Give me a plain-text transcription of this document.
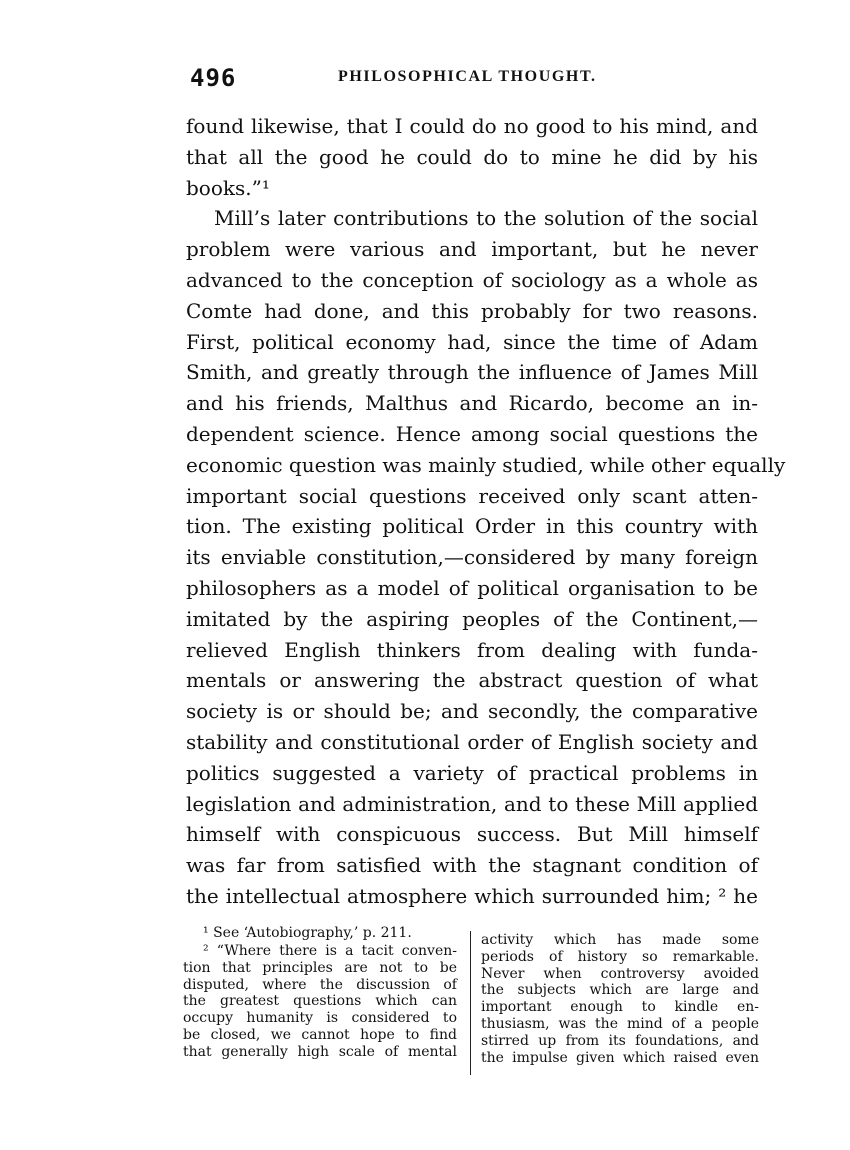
496	PHILOSOPHICAL THOUGHT.
found likewise, that I could do no good to his mind, and
that all the good he could do to mine he did by his
books.”¹
Mill’s later contributions to the solution of the social
problem were various and important, but he never
advanced to the conception of sociology as a whole as
Comte had done, and this probably for two reasons.
First, political economy had, since the time of Adam
Smith, and greatly through the influence of James Mill
and his friends, Malthus and Ricardo, become an in-
dependent science. Hence among social questions the
economic question was mainly studied, while other equally
important social questions received only scant atten-
tion. The existing political Order in this country with
its enviable constitution,—considered by many foreign
philosophers as a model of political organisation to be
imitated by the aspiring peoples of the Continent,—
relieved English thinkers from dealing with funda-
mentals or answering the abstract question of what
society is or should be; and secondly, the comparative
stability and constitutional order of English society and
politics suggested a variety of practical problems in
legislation and administration, and to these Mill applied
himself with conspicuous success. But Mill himself
was far from satisfied with the stagnant condition of
the intellectual atmosphere which surrounded him; ² he
¹ See ‘Autobiography,’ p. 211.
² “Where there is a tacit conven-
tion that principles are not to be
disputed, where the discussion of
the greatest questions which can
occupy humanity is considered to
be closed, we cannot hope to find
that generally high scale of mental
activity which has made some
periods of history so remarkable.
Never when controversy avoided
the subjects which are large and
important enough to kindle en-
thusiasm, was the mind of a people
stirred up from its foundations, and
the impulse given which raised even
